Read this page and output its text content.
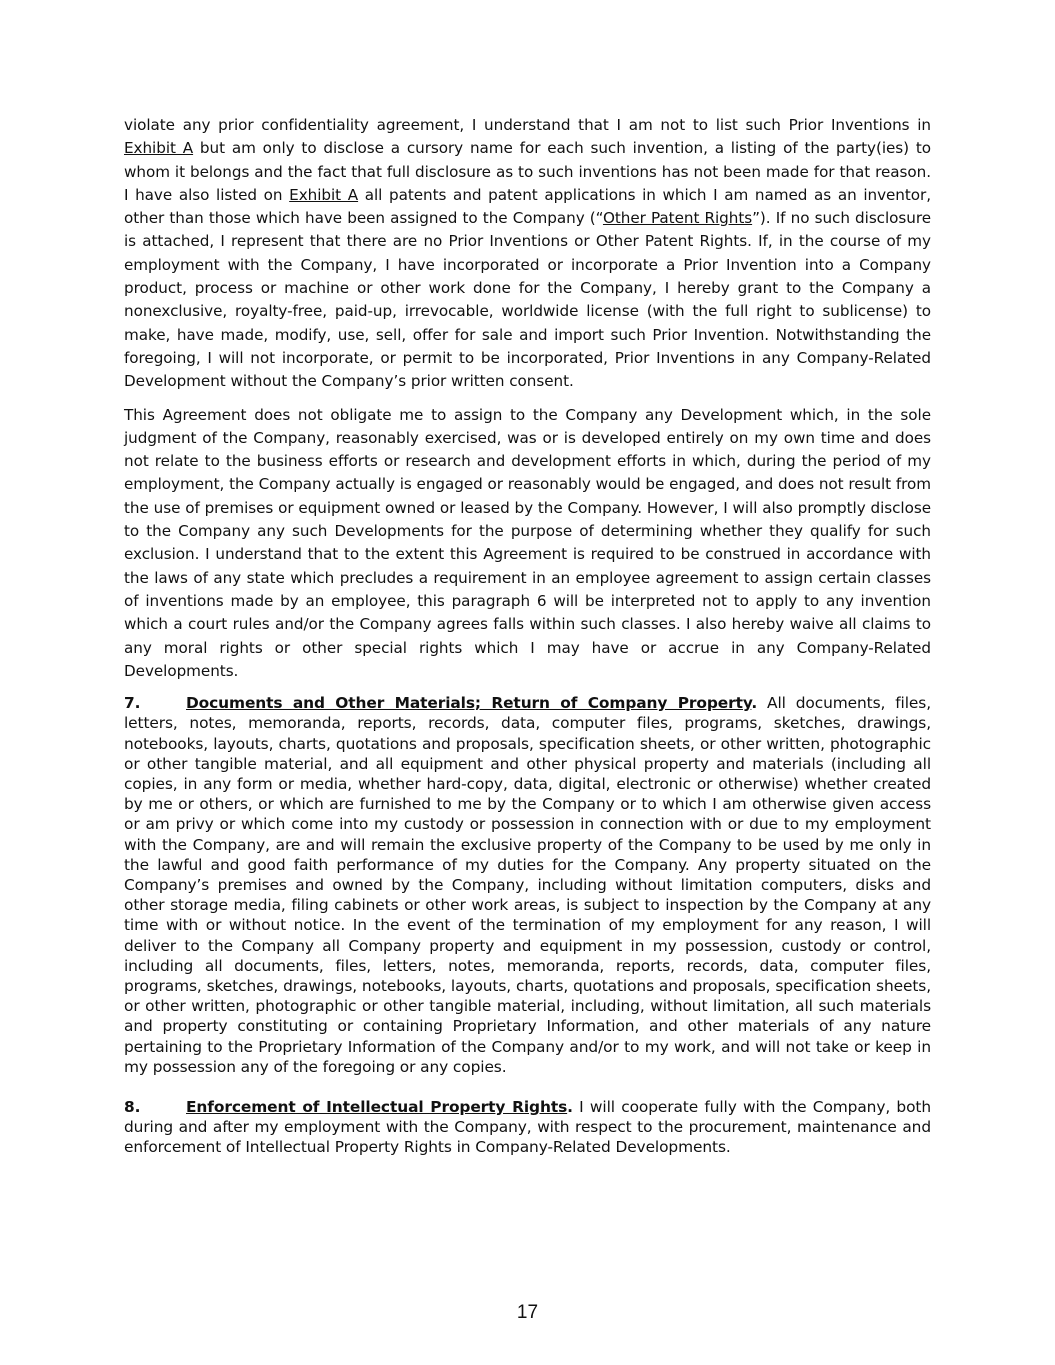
violate any prior confidentiality agreement, I understand that I am not to list such Prior Inventions in Exhibit A but am only to disclose a cursory name for each such invention, a listing of the party(ies) to whom it belongs and the fact that full disclosure as to such inventions has not been made for that reason. I have also listed on Exhibit A all patents and patent applications in which I am named as an inventor, other than those which have been assigned to the Company (“Other Patent Rights”). If no such disclosure is attached, I represent that there are no Prior Inventions or Other Patent Rights. If, in the course of my employment with the Company, I have incorporated or incorporate a Prior Invention into a Company product, process or machine or other work done for the Company, I hereby grant to the Company a nonexclusive, royalty-free, paid-up, irrevocable, worldwide license (with the full right to sublicense) to make, have made, modify, use, sell, offer for sale and import such Prior Invention. Notwithstanding the foregoing, I will not incorporate, or permit to be incorporated, Prior Inventions in any Company-Related Development without the Company’s prior written consent.

This Agreement does not obligate me to assign to the Company any Development which, in the sole judgment of the Company, reasonably exercised, was or is developed entirely on my own time and does not relate to the business efforts or research and development efforts in which, during the period of my employment, the Company actually is engaged or reasonably would be engaged, and does not result from the use of premises or equipment owned or leased by the Company. However, I will also promptly disclose to the Company any such Developments for the purpose of determining whether they qualify for such exclusion. I understand that to the extent this Agreement is required to be construed in accordance with the laws of any state which precludes a requirement in an employee agreement to assign certain classes of inventions made by an employee, this paragraph 6 will be interpreted not to apply to any invention which a court rules and/or the Company agrees falls within such classes. I also hereby waive all claims to any moral rights or other special rights which I may have or accrue in any Company-Related Developments.

7.	Documents and Other Materials; Return of Company Property. All documents, files, letters, notes, memoranda, reports, records, data, computer files, programs, sketches, drawings, notebooks, layouts, charts, quotations and proposals, specification sheets, or other written, photographic or other tangible material, and all equipment and other physical property and materials (including all copies, in any form or media, whether hard-copy, data, digital, electronic or otherwise) whether created by me or others, or which are furnished to me by the Company or to which I am otherwise given access or am privy or which come into my custody or possession in connection with or due to my employment with the Company, are and will remain the exclusive property of the Company to be used by me only in the lawful and good faith performance of my duties for the Company. Any property situated on the Company’s premises and owned by the Company, including without limitation computers, disks and other storage media, filing cabinets or other work areas, is subject to inspection by the Company at any time with or without notice. In the event of the termination of my employment for any reason, I will deliver to the Company all Company property and equipment in my possession, custody or control, including all documents, files, letters, notes, memoranda, reports, records, data, computer files, programs, sketches, drawings, notebooks, layouts, charts, quotations and proposals, specification sheets, or other written, photographic or other tangible material, including, without limitation, all such materials and property constituting or containing Proprietary Information, and other materials of any nature pertaining to the Proprietary Information of the Company and/or to my work, and will not take or keep in my possession any of the foregoing or any copies.

8.	Enforcement of Intellectual Property Rights. I will cooperate fully with the Company, both during and after my employment with the Company, with respect to the procurement, maintenance and enforcement of Intellectual Property Rights in Company-Related Developments.

17
